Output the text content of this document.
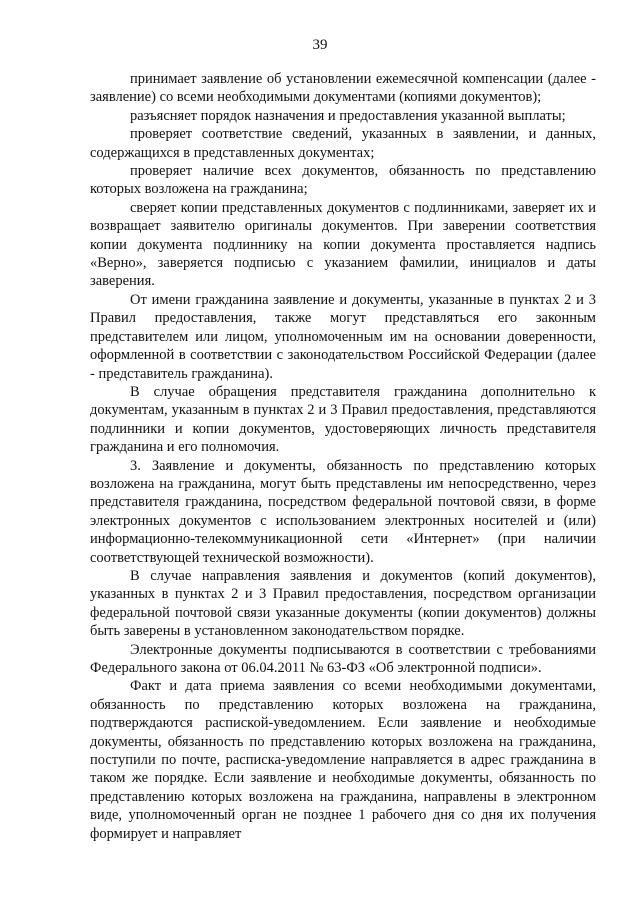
39

принимает заявление об установлении ежемесячной компенсации (далее - заявление) со всеми необходимыми документами (копиями документов);

разъясняет порядок назначения и предоставления указанной выплаты;

проверяет соответствие сведений, указанных в заявлении, и данных, содержащихся в представленных документах;

проверяет наличие всех документов, обязанность по представлению которых возложена на гражданина;

сверяет копии представленных документов с подлинниками, заверяет их и возвращает заявителю оригиналы документов. При заверении соответствия копии документа подлиннику на копии документа проставляется надпись «Верно», заверяется подписью с указанием фамилии, инициалов и даты заверения.

От имени гражданина заявление и документы, указанные в пунктах 2 и 3 Правил предоставления, также могут представляться его законным представителем или лицом, уполномоченным им на основании доверенности, оформленной в соответствии с законодательством Российской Федерации (далее - представитель гражданина).

В случае обращения представителя гражданина дополнительно к документам, указанным в пунктах 2 и 3 Правил предоставления, представляются подлинники и копии документов, удостоверяющих личность представителя гражданина и его полномочия.

3. Заявление и документы, обязанность по представлению которых возложена на гражданина, могут быть представлены им непосредственно, через представителя гражданина, посредством федеральной почтовой связи, в форме электронных документов с использованием электронных носителей и (или) информационно-телекоммуникационной сети «Интернет» (при наличии соответствующей технической возможности).

В случае направления заявления и документов (копий документов), указанных в пунктах 2 и 3 Правил предоставления, посредством организации федеральной почтовой связи указанные документы (копии документов) должны быть заверены в установленном законодательством порядке.

Электронные документы подписываются в соответствии с требованиями Федерального закона от 06.04.2011 № 63-ФЗ «Об электронной подписи».

Факт и дата приема заявления со всеми необходимыми документами, обязанность по представлению которых возложена на гражданина, подтверждаются распиской-уведомлением. Если заявление и необходимые документы, обязанность по представлению которых возложена на гражданина, поступили по почте, расписка-уведомление направляется в адрес гражданина в таком же порядке. Если заявление и необходимые документы, обязанность по представлению которых возложена на гражданина, направлены в электронном виде, уполномоченный орган не позднее 1 рабочего дня со дня их получения формирует и направляет
